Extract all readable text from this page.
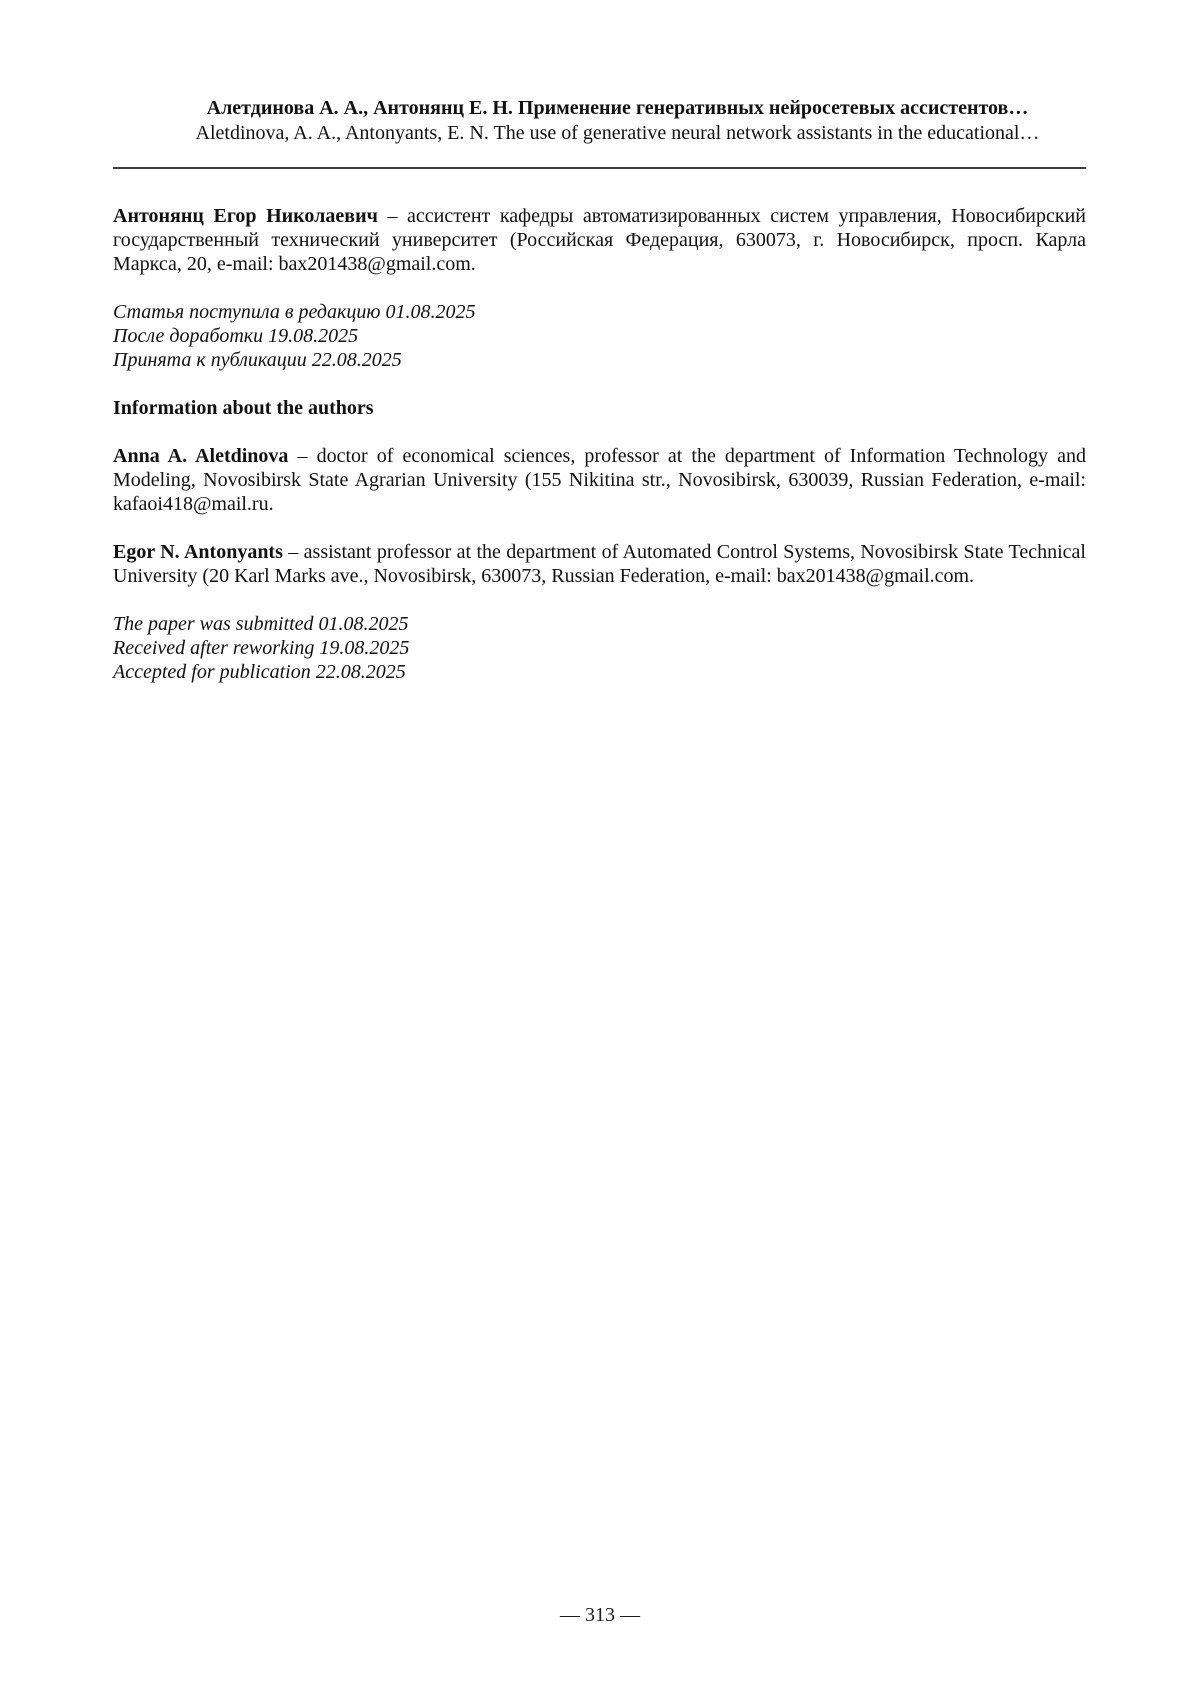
Алетдинова А. А., Антонянц Е. Н. Применение генеративных нейросетевых ассистентов…
Aletdinova, A. A., Antonyants, E. N. The use of generative neural network assistants in the educational…

Антонянц Егор Николаевич – ассистент кафедры автоматизированных систем управления, Новосибирский государственный технический университет (Российская Федерация, 630073, г. Новосибирск, просп. Карла Маркса, 20, e-mail: bax201438@gmail.com.

Статья поступила в редакцию 01.08.2025
После доработки 19.08.2025
Принята к публикации 22.08.2025
Information about the authors

Anna A. Aletdinova – doctor of economical sciences, professor at the department of Information Technology and Modeling, Novosibirsk State Agrarian University (155 Nikitina str., Novosibirsk, 630039, Russian Federation, e-mail: kafaoi418@mail.ru.

Egor N. Antonyants – assistant professor at the department of Automated Control Systems, Novosibirsk State Technical University (20 Karl Marks ave., Novosibirsk, 630073, Russian Federation, e-mail: bax201438@gmail.com.

The paper was submitted 01.08.2025
Received after reworking 19.08.2025
Accepted for publication 22.08.2025
— 313 —
